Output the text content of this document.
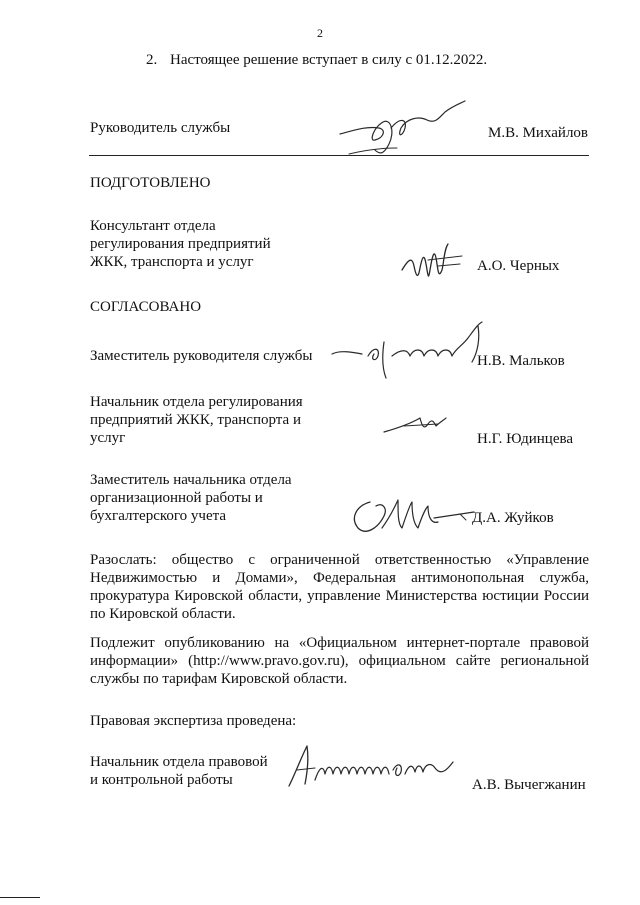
2
2. Настоящее решение вступает в силу с 01.12.2022.
Руководитель службы	М.В. Михайлов
ПОДГОТОВЛЕНО
Консультант отдела
регулирования предприятий
ЖКК, транспорта и услуг	А.О. Черных
СОГЛАСОВАНО
Заместитель руководителя службы	Н.В. Мальков
Начальник отдела регулирования
предприятий ЖКК, транспорта и
услуг	Н.Г. Юдинцева
Заместитель начальника отдела
организационной работы и
бухгалтерского учета	Д.А. Жуйков
Разослать: общество с ограниченной ответственностью «Управление Недвижимостью и Домами», Федеральная антимонопольная служба, прокуратура Кировской области, управление Министерства юстиции России по Кировской области.
Подлежит опубликованию на «Официальном интернет-портале правовой информации» (http://www.pravo.gov.ru), официальном сайте региональной службы по тарифам Кировской области.
Правовая экспертиза проведена:
Начальник отдела правовой
и контрольной работы	А.В. Вычегжанин
